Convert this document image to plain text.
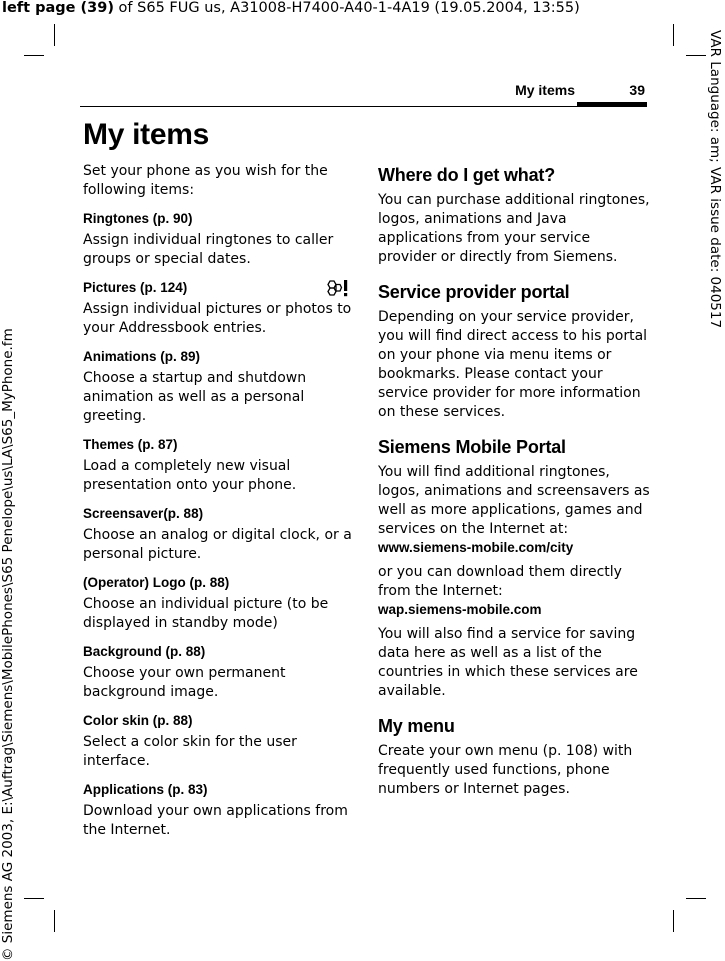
left page (39) of S65 FUG us, A31008-H7400-A40-1-4A19 (19.05.2004, 13:55)
VAR Language: am; VAR issue date: 040517
© Siemens AG 2003, E:\Auftrag\Siemens\MobilePhones\S65 Penelope\us\LA\S65_MyPhone.fm
My items	39
My items

Set your phone as you wish for the following items:

Ringtones (p. 90)

Assign individual ringtones to caller groups or special dates.

Pictures (p. 124)

Assign individual pictures or photos to your Addressbook entries.

Animations (p. 89)

Choose a startup and shutdown animation as well as a personal greeting.

Themes (p. 87)

Load a completely new visual presentation onto your phone.

Screensaver(p. 88)

Choose an analog or digital clock, or a personal picture.

(Operator) Logo (p. 88)

Choose an individual picture (to be displayed in standby mode)

Background (p. 88)

Choose your own permanent background image.

Color skin (p. 88)

Select a color skin for the user interface.

Applications (p. 83)

Download your own applications from the Internet.

Where do I get what?

You can purchase additional ringtones, logos, animations and Java applications from your service provider or directly from Siemens.

Service provider portal

Depending on your service provider, you will find direct access to his portal on your phone via menu items or bookmarks. Please contact your service provider for more information on these services.

Siemens Mobile Portal

You will find additional ringtones, logos, animations and screensavers as well as more applications, games and services on the Internet at:

www.siemens-mobile.com/city

or you can download them directly from the Internet:

wap.siemens-mobile.com

You will also find a service for saving data here as well as a list of the countries in which these services are available.

My menu

Create your own menu (p. 108) with frequently used functions, phone numbers or Internet pages.
